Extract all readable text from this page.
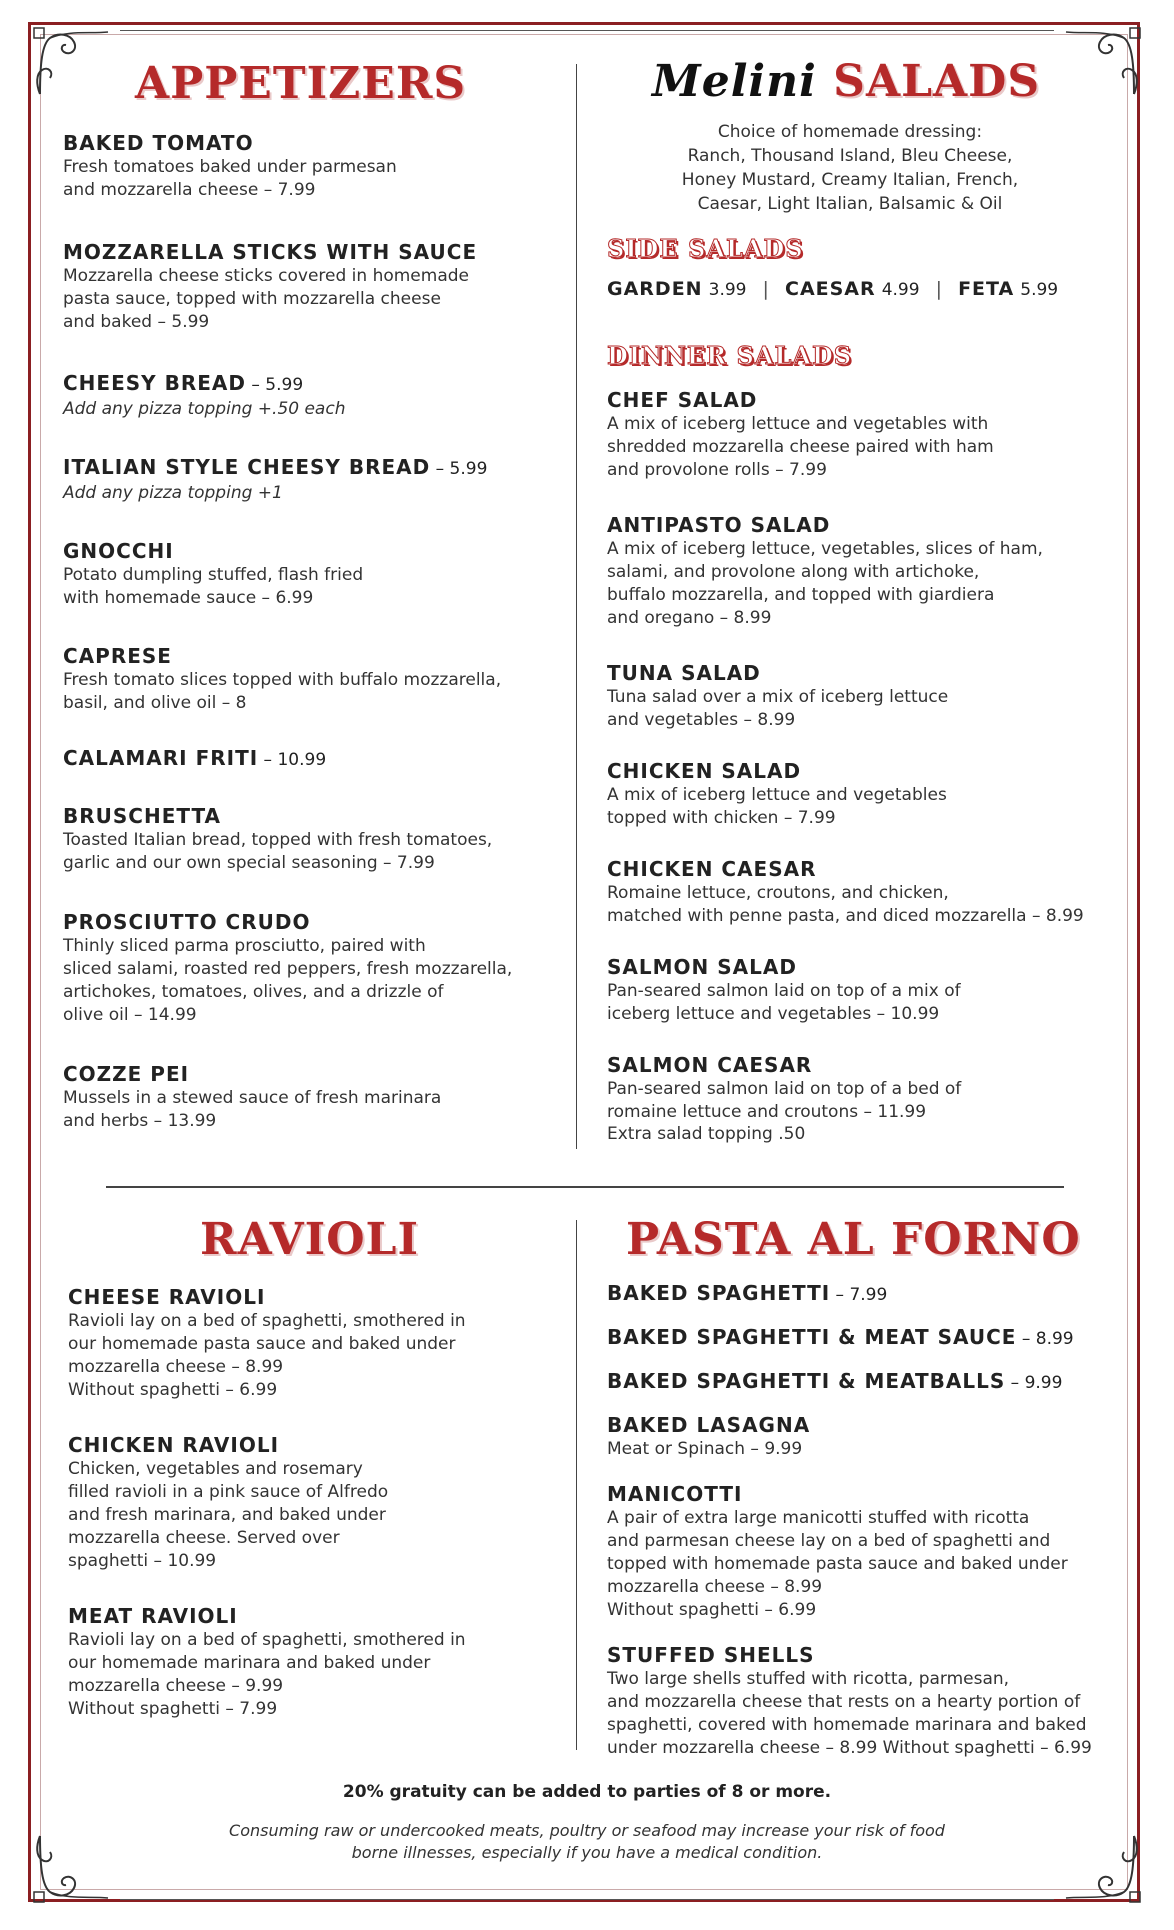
APPETIZERS
BAKED TOMATO
Fresh tomatoes baked under parmesan
and mozzarella cheese – 7.99
MOZZARELLA STICKS WITH SAUCE
Mozzarella cheese sticks covered in homemade
pasta sauce, topped with mozzarella cheese
and baked – 5.99
CHEESY BREAD – 5.99
Add any pizza topping +.50 each
ITALIAN STYLE CHEESY BREAD – 5.99
Add any pizza topping +1
GNOCCHI
Potato dumpling stuffed, flash fried
with homemade sauce – 6.99
CAPRESE
Fresh tomato slices topped with buffalo mozzarella,
basil, and olive oil – 8
CALAMARI FRITI – 10.99
BRUSCHETTA
Toasted Italian bread, topped with fresh tomatoes,
garlic and our own special seasoning – 7.99
PROSCIUTTO CRUDO
Thinly sliced parma prosciutto, paired with
sliced salami, roasted red peppers, fresh mozzarella,
artichokes, tomatoes, olives, and a drizzle of
olive oil – 14.99
COZZE PEI
Mussels in a stewed sauce of fresh marinara
and herbs – 13.99
Melini SALADS
Choice of homemade dressing:
Ranch, Thousand Island, Bleu Cheese,
Honey Mustard, Creamy Italian, French,
Caesar, Light Italian, Balsamic & Oil
SIDE SALADS
GARDEN 3.99 | CAESAR 4.99 | FETA 5.99
DINNER SALADS
CHEF SALAD
A mix of iceberg lettuce and vegetables with
shredded mozzarella cheese paired with ham
and provolone rolls – 7.99
ANTIPASTO SALAD
A mix of iceberg lettuce, vegetables, slices of ham,
salami, and provolone along with artichoke,
buffalo mozzarella, and topped with giardiera
and oregano – 8.99
TUNA SALAD
Tuna salad over a mix of iceberg lettuce
and vegetables – 8.99
CHICKEN SALAD
A mix of iceberg lettuce and vegetables
topped with chicken – 7.99
CHICKEN CAESAR
Romaine lettuce, croutons, and chicken,
matched with penne pasta, and diced mozzarella – 8.99
SALMON SALAD
Pan-seared salmon laid on top of a mix of
iceberg lettuce and vegetables – 10.99
SALMON CAESAR
Pan-seared salmon laid on top of a bed of
romaine lettuce and croutons – 11.99
Extra salad topping .50
RAVIOLI
CHEESE RAVIOLI
Ravioli lay on a bed of spaghetti, smothered in
our homemade pasta sauce and baked under
mozzarella cheese – 8.99
Without spaghetti – 6.99
CHICKEN RAVIOLI
Chicken, vegetables and rosemary
filled ravioli in a pink sauce of Alfredo
and fresh marinara, and baked under
mozzarella cheese. Served over
spaghetti – 10.99
MEAT RAVIOLI
Ravioli lay on a bed of spaghetti, smothered in
our homemade marinara and baked under
mozzarella cheese – 9.99
Without spaghetti – 7.99
PASTA AL FORNO
BAKED SPAGHETTI – 7.99
BAKED SPAGHETTI & MEAT SAUCE – 8.99
BAKED SPAGHETTI & MEATBALLS – 9.99
BAKED LASAGNA
Meat or Spinach – 9.99
MANICOTTI
A pair of extra large manicotti stuffed with ricotta
and parmesan cheese lay on a bed of spaghetti and
topped with homemade pasta sauce and baked under
mozzarella cheese – 8.99
Without spaghetti – 6.99
STUFFED SHELLS
Two large shells stuffed with ricotta, parmesan,
and mozzarella cheese that rests on a hearty portion of
spaghetti, covered with homemade marinara and baked
under mozzarella cheese – 8.99 Without spaghetti – 6.99
20% gratuity can be added to parties of 8 or more.
Consuming raw or undercooked meats, poultry or seafood may increase your risk of food
borne illnesses, especially if you have a medical condition.
